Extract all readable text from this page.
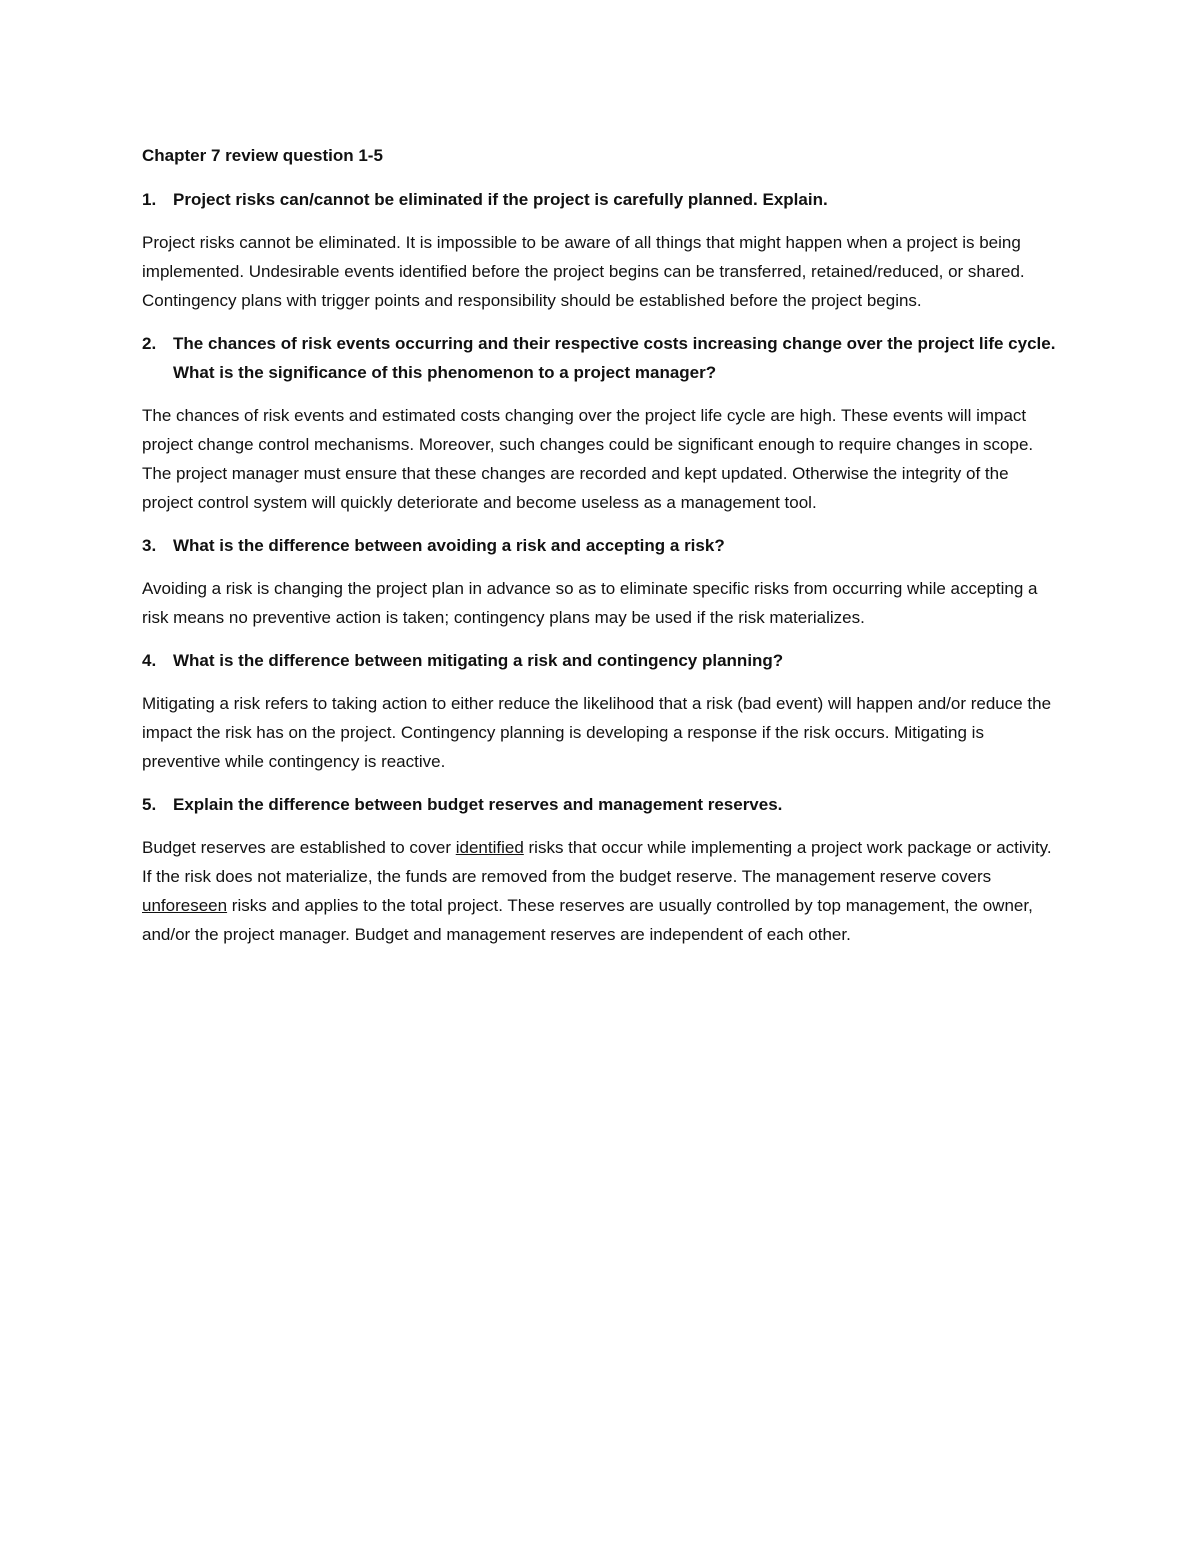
Chapter 7 review question 1-5

1. Project risks can/cannot be eliminated if the project is carefully planned. Explain.

Project risks cannot be eliminated. It is impossible to be aware of all things that might happen when a project is being implemented. Undesirable events identified before the project begins can be transferred, retained/reduced, or shared. Contingency plans with trigger points and responsibility should be established before the project begins.

2. The chances of risk events occurring and their respective costs increasing change over the project life cycle. What is the significance of this phenomenon to a project manager?

The chances of risk events and estimated costs changing over the project life cycle are high. These events will impact project change control mechanisms. Moreover, such changes could be significant enough to require changes in scope. The project manager must ensure that these changes are recorded and kept updated. Otherwise the integrity of the project control system will quickly deteriorate and become useless as a management tool.

3. What is the difference between avoiding a risk and accepting a risk?

Avoiding a risk is changing the project plan in advance so as to eliminate specific risks from occurring while accepting a risk means no preventive action is taken; contingency plans may be used if the risk materializes.

4. What is the difference between mitigating a risk and contingency planning?

Mitigating a risk refers to taking action to either reduce the likelihood that a risk (bad event) will happen and/or reduce the impact the risk has on the project. Contingency planning is developing a response if the risk occurs. Mitigating is preventive while contingency is reactive.

5. Explain the difference between budget reserves and management reserves.

Budget reserves are established to cover identified risks that occur while implementing a project work package or activity. If the risk does not materialize, the funds are removed from the budget reserve. The management reserve covers unforeseen risks and applies to the total project. These reserves are usually controlled by top management, the owner, and/or the project manager. Budget and management reserves are independent of each other.
